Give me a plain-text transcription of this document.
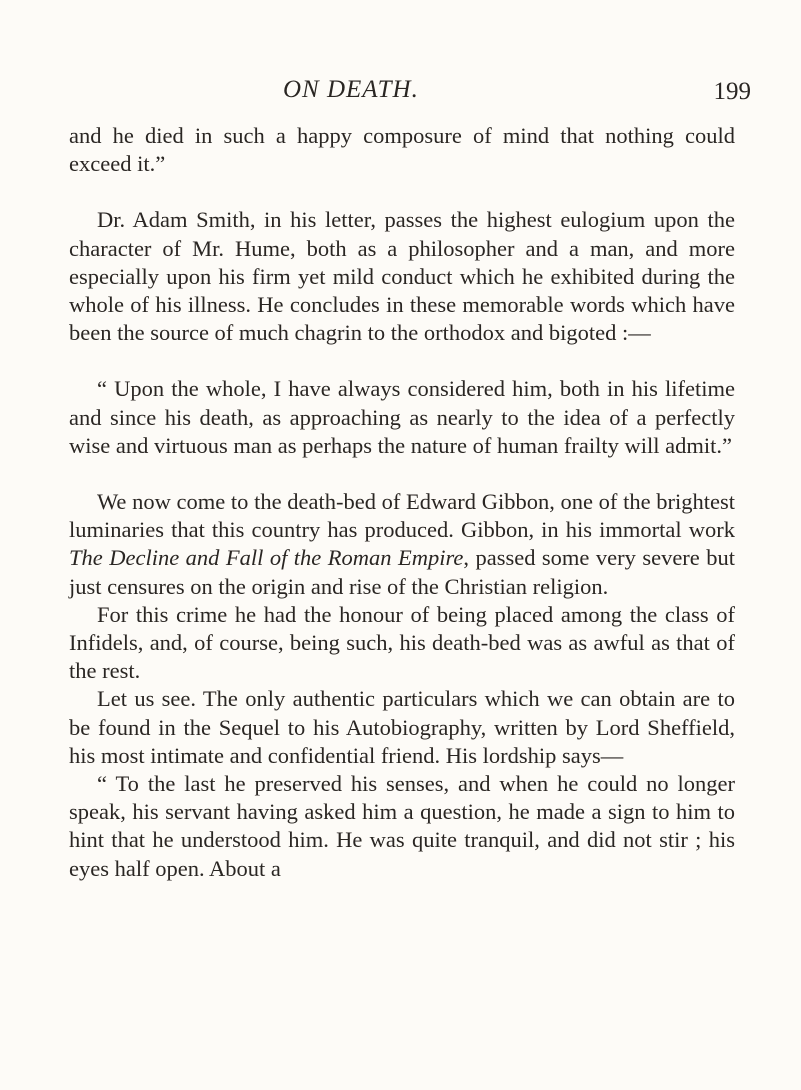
ON DEATH.	199

and he died in such a happy composure of mind that nothing could exceed it.”

Dr. Adam Smith, in his letter, passes the highest eulogium upon the character of Mr. Hume, both as a philosopher and a man, and more especially upon his firm yet mild conduct which he exhibited during the whole of his illness. He concludes in these memorable words which have been the source of much chagrin to the orthodox and bigoted :—

“ Upon the whole, I have always considered him, both in his lifetime and since his death, as approaching as nearly to the idea of a perfectly wise and virtuous man as perhaps the nature of human frailty will admit.”

We now come to the death-bed of Edward Gibbon, one of the brightest luminaries that this country has produced. Gibbon, in his immortal work The Decline and Fall of the Roman Empire, passed some very severe but just censures on the origin and rise of the Christian religion.

For this crime he had the honour of being placed among the class of Infidels, and, of course, being such, his death-bed was as awful as that of the rest.

Let us see. The only authentic particulars which we can obtain are to be found in the Sequel to his Autobiography, written by Lord Sheffield, his most intimate and confidential friend. His lordship says—

“ To the last he preserved his senses, and when he could no longer speak, his servant having asked him a question, he made a sign to him to hint that he understood him. He was quite tranquil, and did not stir ; his eyes half open. About a
